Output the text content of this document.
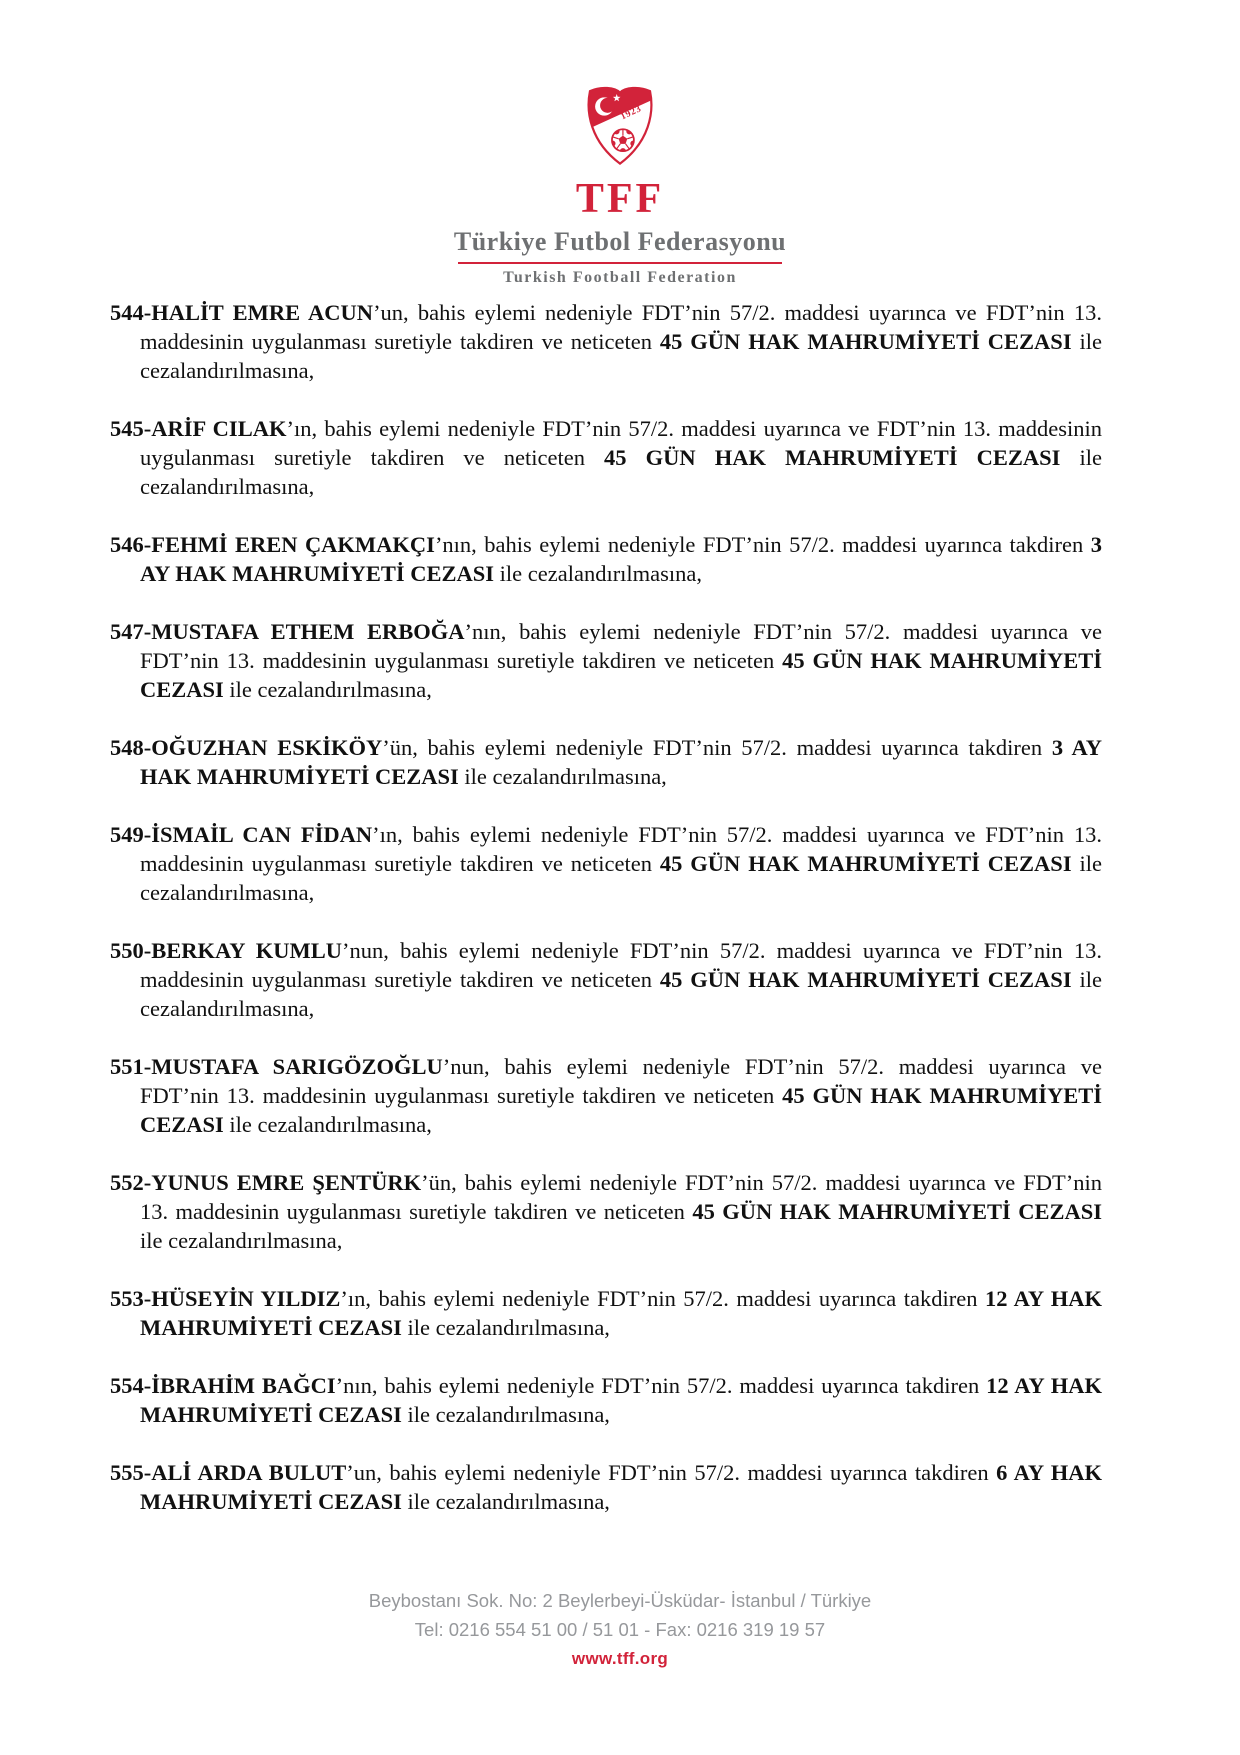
1923
TFF
Türkiye Futbol Federasyonu
Turkish Football Federation

544-HALİT EMRE ACUN’un, bahis eylemi nedeniyle FDT’nin 57/2. maddesi uyarınca ve FDT’nin 13. maddesinin uygulanması suretiyle takdiren ve neticeten 45 GÜN HAK MAHRUMİYETİ CEZASI ile cezalandırılmasına,

545-ARİF CILAK’ın, bahis eylemi nedeniyle FDT’nin 57/2. maddesi uyarınca ve FDT’nin 13. maddesinin uygulanması suretiyle takdiren ve neticeten 45 GÜN HAK MAHRUMİYETİ CEZASI ile cezalandırılmasına,

546-FEHMİ EREN ÇAKMAKÇI’nın, bahis eylemi nedeniyle FDT’nin 57/2. maddesi uyarınca takdiren 3 AY HAK MAHRUMİYETİ CEZASI ile cezalandırılmasına,

547-MUSTAFA ETHEM ERBOĞA’nın, bahis eylemi nedeniyle FDT’nin 57/2. maddesi uyarınca ve FDT’nin 13. maddesinin uygulanması suretiyle takdiren ve neticeten 45 GÜN HAK MAHRUMİYETİ CEZASI ile cezalandırılmasına,

548-OĞUZHAN ESKİKÖY’ün, bahis eylemi nedeniyle FDT’nin 57/2. maddesi uyarınca takdiren 3 AY HAK MAHRUMİYETİ CEZASI ile cezalandırılmasına,

549-İSMAİL CAN FİDAN’ın, bahis eylemi nedeniyle FDT’nin 57/2. maddesi uyarınca ve FDT’nin 13. maddesinin uygulanması suretiyle takdiren ve neticeten 45 GÜN HAK MAHRUMİYETİ CEZASI ile cezalandırılmasına,

550-BERKAY KUMLU’nun, bahis eylemi nedeniyle FDT’nin 57/2. maddesi uyarınca ve FDT’nin 13. maddesinin uygulanması suretiyle takdiren ve neticeten 45 GÜN HAK MAHRUMİYETİ CEZASI ile cezalandırılmasına,

551-MUSTAFA SARIGÖZOĞLU’nun, bahis eylemi nedeniyle FDT’nin 57/2. maddesi uyarınca ve FDT’nin 13. maddesinin uygulanması suretiyle takdiren ve neticeten 45 GÜN HAK MAHRUMİYETİ CEZASI ile cezalandırılmasına,

552-YUNUS EMRE ŞENTÜRK’ün, bahis eylemi nedeniyle FDT’nin 57/2. maddesi uyarınca ve FDT’nin 13. maddesinin uygulanması suretiyle takdiren ve neticeten 45 GÜN HAK MAHRUMİYETİ CEZASI ile cezalandırılmasına,

553-HÜSEYİN YILDIZ’ın, bahis eylemi nedeniyle FDT’nin 57/2. maddesi uyarınca takdiren 12 AY HAK MAHRUMİYETİ CEZASI ile cezalandırılmasına,

554-İBRAHİM BAĞCI’nın, bahis eylemi nedeniyle FDT’nin 57/2. maddesi uyarınca takdiren 12 AY HAK MAHRUMİYETİ CEZASI ile cezalandırılmasına,

555-ALİ ARDA BULUT’un, bahis eylemi nedeniyle FDT’nin 57/2. maddesi uyarınca takdiren 6 AY HAK MAHRUMİYETİ CEZASI ile cezalandırılmasına,

Beybostanı Sok. No: 2 Beylerbeyi-Üsküdar- İstanbul / Türkiye
Tel: 0216 554 51 00 / 51 01 - Fax: 0216 319 19 57
www.tff.org
